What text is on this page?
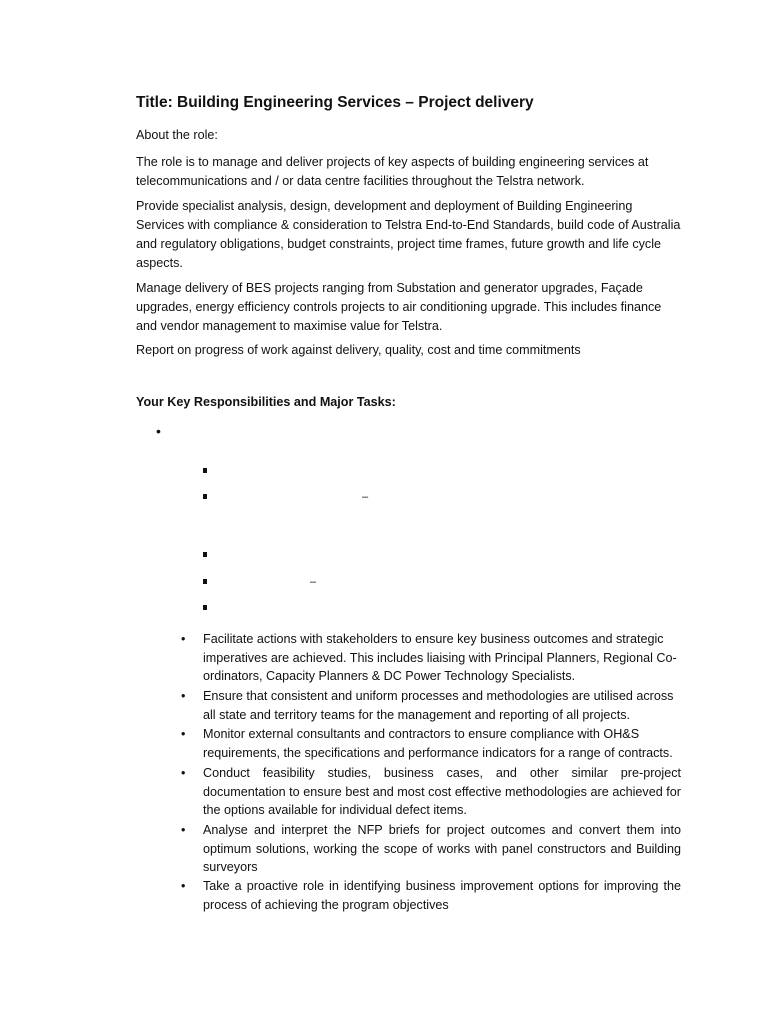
Title: Building Engineering Services – Project delivery
About the role:
The role is to manage and deliver projects of key aspects of building engineering services at telecommunications and / or data centre facilities throughout the Telstra network.
Provide specialist analysis, design, development and deployment of Building Engineering Services with compliance & consideration to Telstra End-to-End Standards, build code of Australia and regulatory obligations, budget constraints, project time frames, future growth and life cycle aspects.
Manage delivery of BES projects ranging from Substation and generator upgrades, Façade upgrades, energy efficiency controls projects to air conditioning upgrade. This includes finance and vendor management to maximise value for Telstra.
Report on progress of work against delivery, quality, cost and time commitments
Your Key Responsibilities and Major Tasks:
•
–
–
•	Facilitate actions with stakeholders to ensure key business outcomes and strategic imperatives are achieved. This includes liaising with Principal Planners, Regional Co-ordinators, Capacity Planners & DC Power Technology Specialists.
•	Ensure that consistent and uniform processes and methodologies are utilised across all state and territory teams for the management and reporting of all projects.
•	Monitor external consultants and contractors to ensure compliance with OH&S requirements, the specifications and performance indicators for a range of contracts.
•	Conduct feasibility studies, business cases, and other similar pre-project documentation to ensure best and most cost effective methodologies are achieved for the options available for individual defect items.
•	Analyse and interpret the NFP briefs for project outcomes and convert them into optimum solutions, working the scope of works with panel constructors and Building surveyors
•	Take a proactive role in identifying business improvement options for improving the process of achieving the program objectives
